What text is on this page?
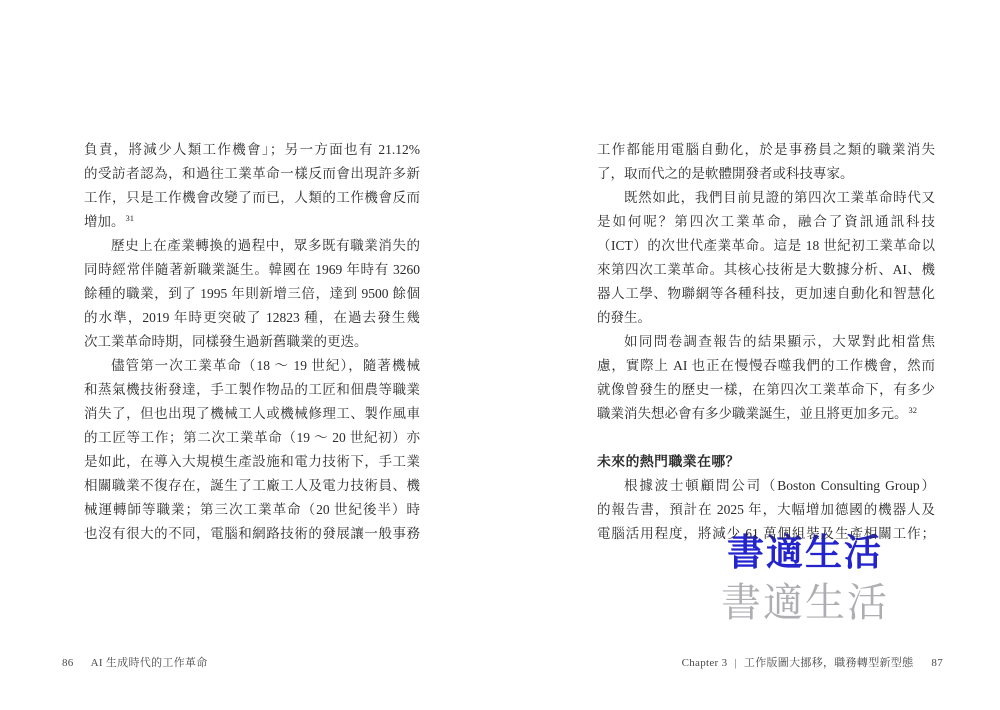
負責，將減少人類工作機會」；另一方面也有 21.12%
的受訪者認為，和過往工業革命一樣反而會出現許多新
工作，只是工作機會改變了而已，人類的工作機會反而
增加。$^{31}$
歷史上在產業轉換的過程中，眾多既有職業消失的
同時經常伴隨著新職業誕生。韓國在 1969 年時有 3260
餘種的職業，到了 1995 年則新增三倍，達到 9500 餘個
的水準，2019 年時更突破了 12823 種，在過去發生幾
次工業革命時期，同樣發生過新舊職業的更迭。
儘管第一次工業革命（18 ～ 19 世紀），隨著機械
和蒸氣機技術發達，手工製作物品的工匠和佃農等職業
消失了，但也出現了機械工人或機械修理工、製作風車
的工匠等工作；第二次工業革命（19 ～ 20 世紀初）亦
是如此，在導入大規模生產設施和電力技術下，手工業
相關職業不復存在，誕生了工廠工人及電力技術員、機
械運轉師等職業；第三次工業革命（20 世紀後半）時
也沒有很大的不同，電腦和網路技術的發展讓一般事務
工作都能用電腦自動化，於是事務員之類的職業消失
了，取而代之的是軟體開發者或科技專家。
既然如此，我們目前見證的第四次工業革命時代又
是如何呢？第四次工業革命，融合了資訊通訊科技
（ICT）的次世代產業革命。這是 18 世紀初工業革命以
來第四次工業革命。其核心技術是大數據分析、AI、機
器人工學、物聯網等各種科技，更加速自動化和智慧化
的發生。
如同問卷調查報告的結果顯示，大眾對此相當焦
慮，實際上 AI 也正在慢慢吞噬我們的工作機會，然而
就像曾發生的歷史一樣，在第四次工業革命下，有多少
職業消失想必會有多少職業誕生，並且將更加多元。$^{32}$
未來的熱門職業在哪？
根據波士頓顧問公司（Boston Consulting Group）
的報告書，預計在 2025 年，大幅增加德國的機器人及
電腦活用程度，將減少 61 萬個組裝及生產相關工作；
86 AI 生成時代的工作革命	Chapter 3 | 工作版圖大挪移，職務轉型新型態 87
書適生活
書適生活
